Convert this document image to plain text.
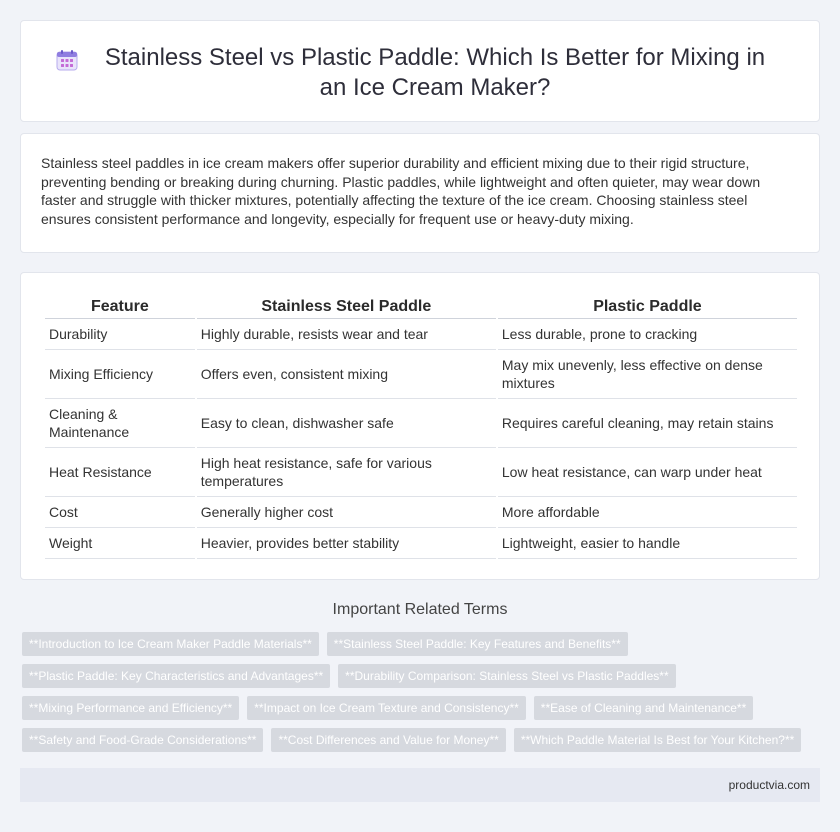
Stainless Steel vs Plastic Paddle: Which Is Better for Mixing in an Ice Cream Maker?

Stainless steel paddles in ice cream makers offer superior durability and efficient mixing due to their rigid structure, preventing bending or breaking during churning. Plastic paddles, while lightweight and often quieter, may wear down faster and struggle with thicker mixtures, potentially affecting the texture of the ice cream. Choosing stainless steel ensures consistent performance and longevity, especially for frequent use or heavy-duty mixing.

Feature	Stainless Steel Paddle	Plastic Paddle
Durability	Highly durable, resists wear and tear	Less durable, prone to cracking
Mixing Efficiency	Offers even, consistent mixing	May mix unevenly, less effective on dense mixtures
Cleaning & Maintenance	Easy to clean, dishwasher safe	Requires careful cleaning, may retain stains
Heat Resistance	High heat resistance, safe for various temperatures	Low heat resistance, can warp under heat
Cost	Generally higher cost	More affordable
Weight	Heavier, provides better stability	Lightweight, easier to handle
Important Related Terms
**Introduction to Ice Cream Maker Paddle Materials**	**Stainless Steel Paddle: Key Features and Benefits**
**Plastic Paddle: Key Characteristics and Advantages**	**Durability Comparison: Stainless Steel vs Plastic Paddles**
**Mixing Performance and Efficiency**	**Impact on Ice Cream Texture and Consistency**	**Ease of Cleaning and Maintenance**
**Safety and Food-Grade Considerations**	**Cost Differences and Value for Money**	**Which Paddle Material Is Best for Your Kitchen?**
productvia.com
